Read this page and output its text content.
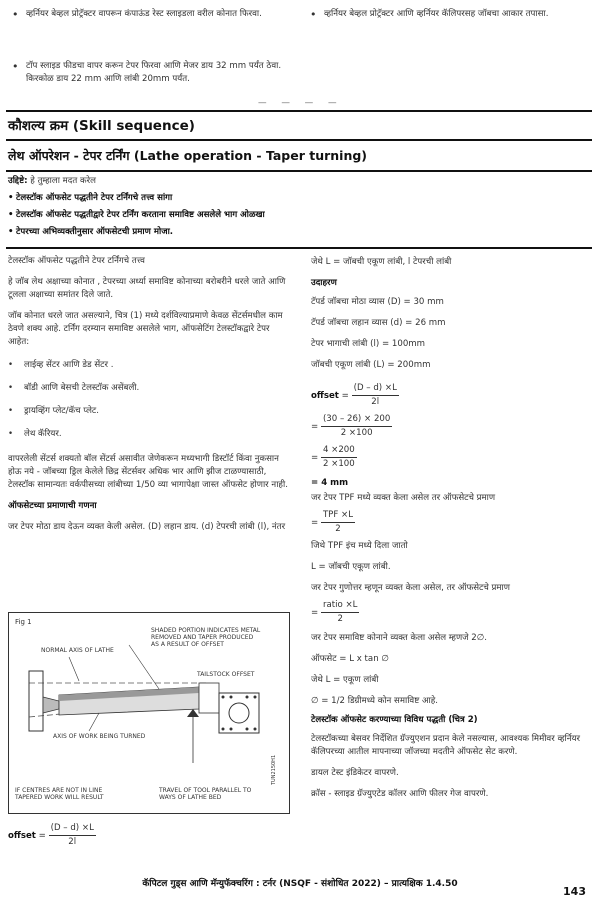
• व्हर्नियर बेव्हल प्रोट्रॅक्टर वापरून कंपाऊंड रेस्ट स्लाइडला वरील कोनात फिरवा.
• टॉप स्लाइड फीडचा वापर करून टेपर फिरवा आणि मेजर डाय 32 mm पर्यंत ठेवा. किरकोळ डाय 22 mm आणि लांबी 20mm पर्यंत.
• व्हर्नियर बेव्हल प्रोट्रॅक्टर आणि व्हर्नियर कॅलिपरसह जॉबचा आकार तपासा.
— — — —
कौशल्य क्रम (Skill sequence)
लेथ ऑपरेशन - टेपर टर्निंग (Lathe operation - Taper turning)
उद्दिष्टे: हे तुम्हाला मदत करेल
• टेलस्टॉक ऑफसेट पद्धतीने टेपर टर्निंगचे तत्त्व सांगा
• टेलस्टॉक ऑफसेट पद्धतीद्वारे टेपर टर्निंग करताना समाविष्ट असलेले भाग ओळखा
• टेपरच्या अभिव्यक्तीनुसार ऑफसेटची प्रमाण मोजा.
टेलस्टॉक ऑफसेट पद्धतीने टेपर टर्निंगचे तत्त्व
हे जॉब लेथ अक्षाच्या कोनात , टेपरच्या अर्ध्या समाविष्ट कोनाच्या बरोबरीने धरले जाते आणि टूलला अक्षाच्या समांतर दिले जाते.
जॉब कोनात धरले जात असल्याने, चित्र (1) मध्ये दर्शविल्याप्रमाणे केवळ सेंटर्समधील काम ठेवणे शक्य आहे. टर्निंग दरम्यान समाविष्ट असलेले भाग, ऑफसेटिंग टेलस्टॉकद्वारे टेपर आहेत:
• लाईव्ह सेंटर आणि डेड सेंटर .
• बॉडी आणि बेसची टेलस्टॉक असेंबली.
• ड्रायव्हिंग प्लेट/कॅच प्लेट.
• लेथ कॅरियर.
वापरलेली सेंटर्स शक्यतो बॉल सेंटर्स असावीत जेणेकरून मध्यभागी डिस्टॉर्ट किंवा नुकसान होऊ नये - जॉबच्या ड्रिल केलेले छिद्र सेंटर्सवर अधिक भार आणि झीज टाळण्यासाठी, टेलस्टॉक सामान्यतः वर्कपीसच्या लांबीच्या 1/50 व्या भागापेक्षा जास्त ऑफसेट होणार नाही.
ऑफसेटच्या प्रमाणाची गणना
जर टेपर मोठा डाय देऊन व्यक्त केली असेल. (D) लहान डाय. (d) टेपरची लांबी (l), नंतर
Fig 1
NORMAL AXIS OF LATHE
SHADED PORTION INDICATES METAL REMOVED AND TAPER PRODUCED AS A RESULT OF OFFSET
TAILSTOCK OFFSET
AXIS OF WORK BEING TURNED
IF CENTRES ARE NOT IN LINE TAPERED WORK WILL RESULT
TRAVEL OF TOOL PARALLEL TO WAYS OF LATHE BED
TUN2150H1
offset = $\frac{(D - d) \times L}{2l}$
जेथे L = जॉबची एकूण लांबी, l टेपरची लांबी
उदाहरण
टॅपर्ड जॉबचा मोठा व्यास (D) = 30 mm
टॅपर्ड जॉबचा लहान व्यास (d) = 26 mm
टेपर भागाची लांबी (l) = 100mm
जॉबची एकूण लांबी (L) = 200mm
offset = $\frac{(D - d) \times L}{2l}$
= $\frac{(30 - 26) \times 200}{2 \times 100}$
= $\frac{4 \times 200}{2 \times 100}$
= 4 mm
जर टेपर TPF मध्ये व्यक्त केला असेल तर ऑफसेटचे प्रमाण
= $\frac{\text{TPF ×L}}{2}$
जिथे TPF इंच मध्ये दिला जातो
L = जॉबची एकूण लांबी.
जर टेपर गुणोत्तर म्हणून व्यक्त केला असेल, तर ऑफसेटचे प्रमाण
= $\frac{\text{ratio ×L}}{2}$
जर टेपर समाविष्ट कोनाने व्यक्त केला असेल म्हणजे 2∅.
ऑफसेट = L x tan ∅
जेथे L = एकूण लांबी
∅ = 1/2 डिग्रीमध्ये कोन समाविष्ट आहे.
टेलस्टॉक ऑफसेट करण्याच्या विविध पद्धती (चित्र 2)
टेलस्टॉकच्या बेसवर निर्देशित ग्रॅज्युएशन प्रदान केले नसल्यास, आवश्यक मिमीवर व्हर्नियर कॅलिपरच्या आतील मापनाच्या जॉजच्या मदतीने ऑफसेट सेट करणे.
डायल टेस्ट इंडिकेटर वापरणे.
क्रॉस - स्लाइड ग्रॅज्युएटेड कॉलर आणि फीलर गेज वापरणे.
कॅपिटल गुड्स आणि मॅन्युफॅक्चरिंग : टर्नर (NSQF - संशोधित 2022) – प्रात्यक्षिक 1.4.50
143
